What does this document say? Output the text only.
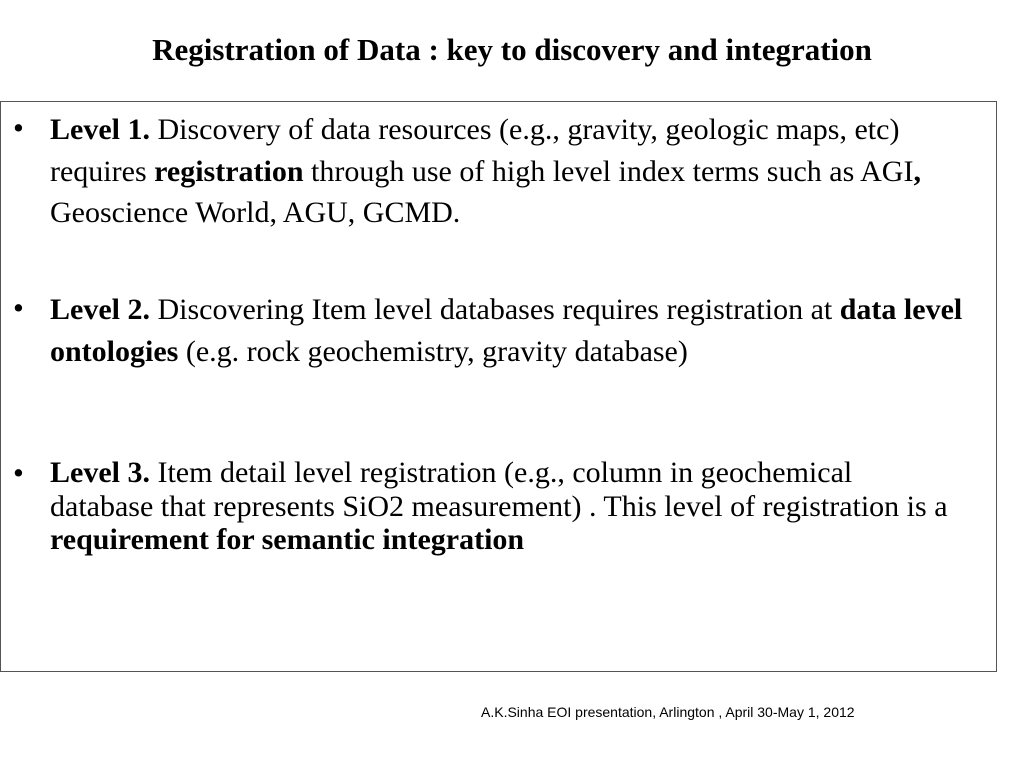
Registration of Data : key to discovery and integration
• Level 1. Discovery of data resources (e.g., gravity, geologic maps, etc) requires registration through use of high level index terms such as AGI, Geoscience World, AGU, GCMD.

• Level 2. Discovering Item level databases requires registration at data level ontologies (e.g. rock geochemistry, gravity database)

• Level 3. Item detail level registration (e.g., column in geochemical database that represents SiO2 measurement) . This level of registration is a requirement for semantic integration

A.K.Sinha EOI presentation, Arlington , April 30-May 1, 2012
